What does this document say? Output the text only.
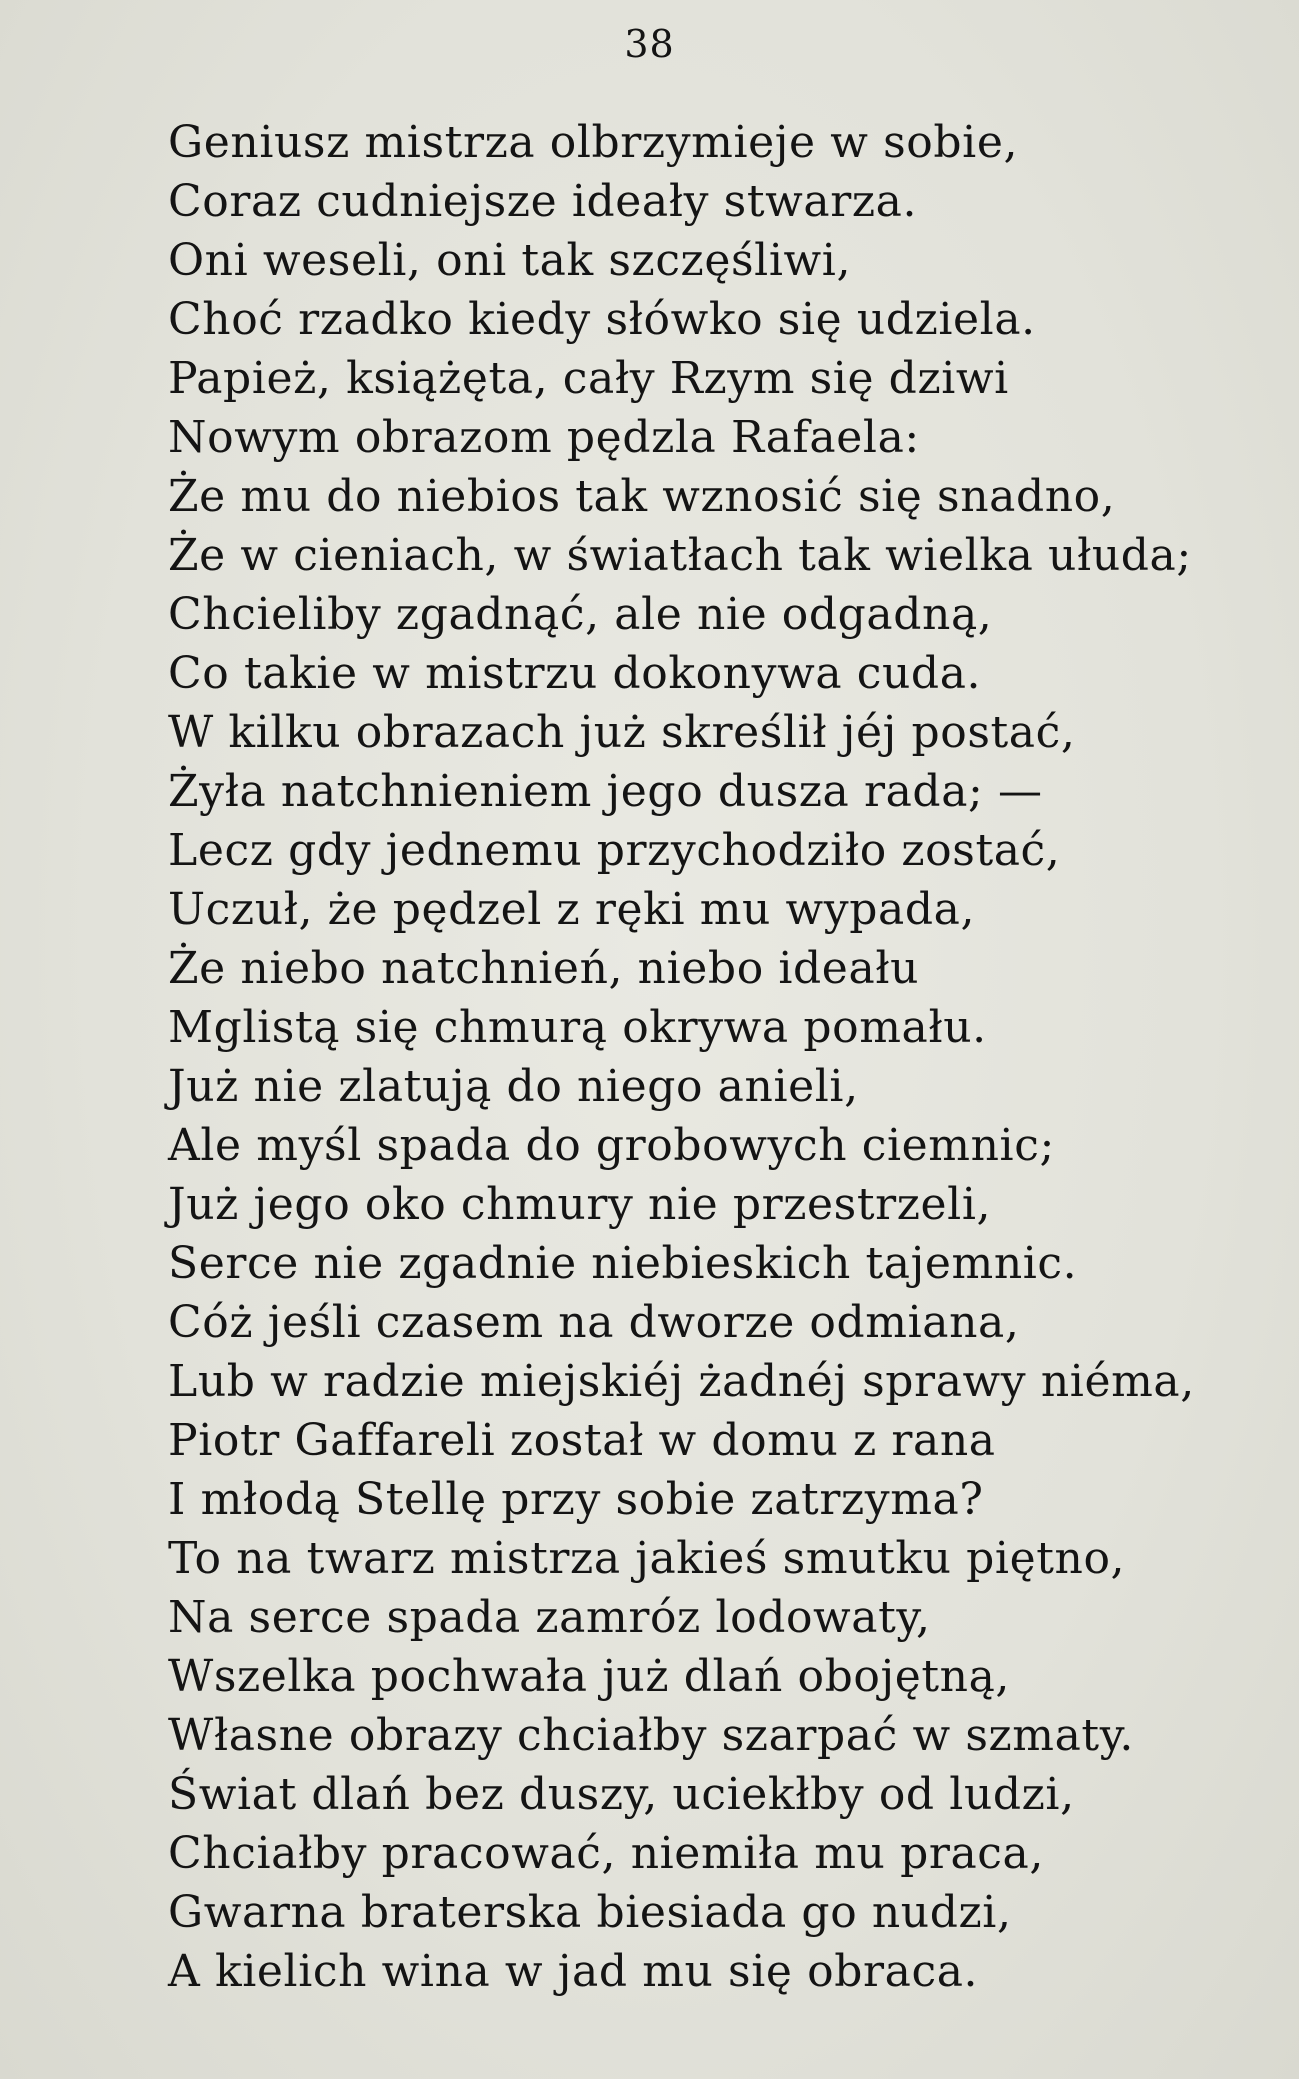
38
Geniusz mistrza olbrzymieje w sobie,
Coraz cudniejsze ideały stwarza.
Oni weseli, oni tak szczęśliwi,
Choć rzadko kiedy słówko się udziela.
Papież, książęta, cały Rzym się dziwi
Nowym obrazom pędzla Rafaela:
Że mu do niebios tak wznosić się snadno,
Że w cieniach, w światłach tak wielka ułuda;
Chcieliby zgadnąć, ale nie odgadną,
Co takie w mistrzu dokonywa cuda.
W kilku obrazach już skreślił jéj postać,
Żyła natchnieniem jego dusza rada; —
Lecz gdy jednemu przychodziło zostać,
Uczuł, że pędzel z ręki mu wypada,
Że niebo natchnień, niebo ideału
Mglistą się chmurą okrywa pomału.
Już nie zlatują do niego anieli,
Ale myśl spada do grobowych ciemnic;
Już jego oko chmury nie przestrzeli,
Serce nie zgadnie niebieskich tajemnic.
Cóż jeśli czasem na dworze odmiana,
Lub w radzie miejskiéj żadnéj sprawy niéma,
Piotr Gaffareli został w domu z rana
I młodą Stellę przy sobie zatrzyma?
To na twarz mistrza jakieś smutku piętno,
Na serce spada zamróz lodowaty,
Wszelka pochwała już dlań obojętną,
Własne obrazy chciałby szarpać w szmaty.
Świat dlań bez duszy, uciekłby od ludzi,
Chciałby pracować, niemiła mu praca,
Gwarna braterska biesiada go nudzi,
A kielich wina w jad mu się obraca.
